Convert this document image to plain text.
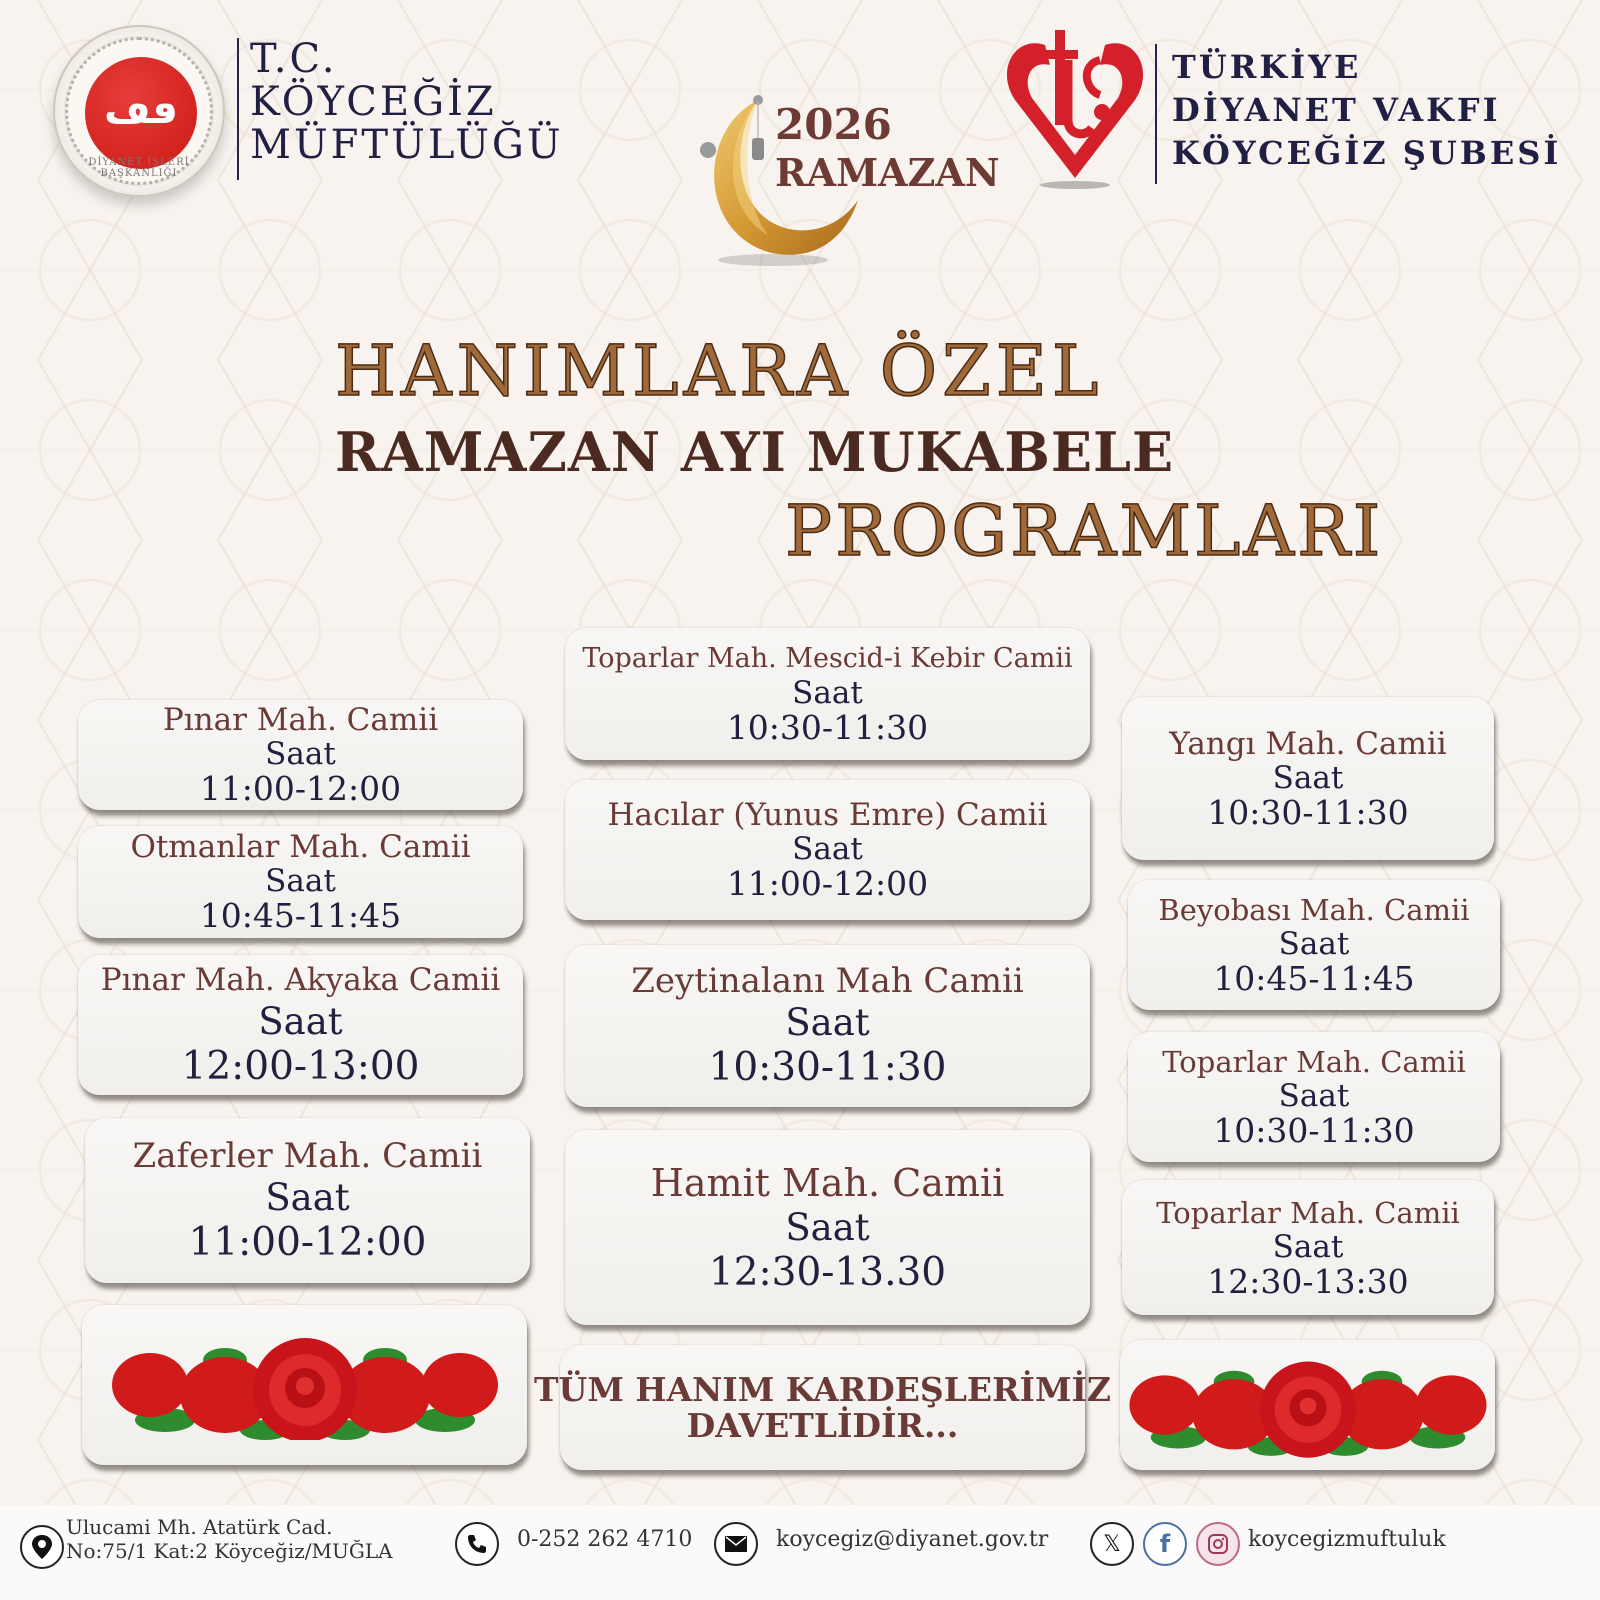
ڡڡ
DİYANET İŞLERİ BAŞKANLIĞI
T.C.
KÖYCEĞİZ
MÜFTÜLÜĞÜ	2026
RAMAZAN
TÜRKİYE
DİYANET VAKFI
KÖYCEĞİZ ŞUBESİ
HANIMLARA ÖZEL
RAMAZAN AYI MUKABELE
PROGRAMLARI
Pınar Mah. Camii
Saat
11:00-12:00
Otmanlar Mah. Camii
Saat
10:45-11:45
Pınar Mah. Akyaka Camii
Saat
12:00-13:00
Zaferler Mah. Camii
Saat
11:00-12:00
Toparlar Mah. Mescid-i Kebir Camii
Saat
10:30-11:30
Hacılar (Yunus Emre) Camii
Saat
11:00-12:00
Zeytinalanı Mah Camii
Saat
10:30-11:30
Hamit Mah. Camii
Saat
12:30-13.30
TÜM HANIM KARDEŞLERİMİZ
DAVETLİDİR...
Yangı Mah. Camii
Saat
10:30-11:30
Beyobası Mah. Camii
Saat
10:45-11:45
Toparlar Mah. Camii
Saat
10:30-11:30
Toparlar Mah. Camii
Saat
12:30-13:30
Ulucami Mh. Atatürk Cad.
No:75/1 Kat:2 Köyceğiz/MUĞLA	0-252 262 4710	koycegiz@diyanet.gov.tr 𝕏 f	koycegizmuftuluk
